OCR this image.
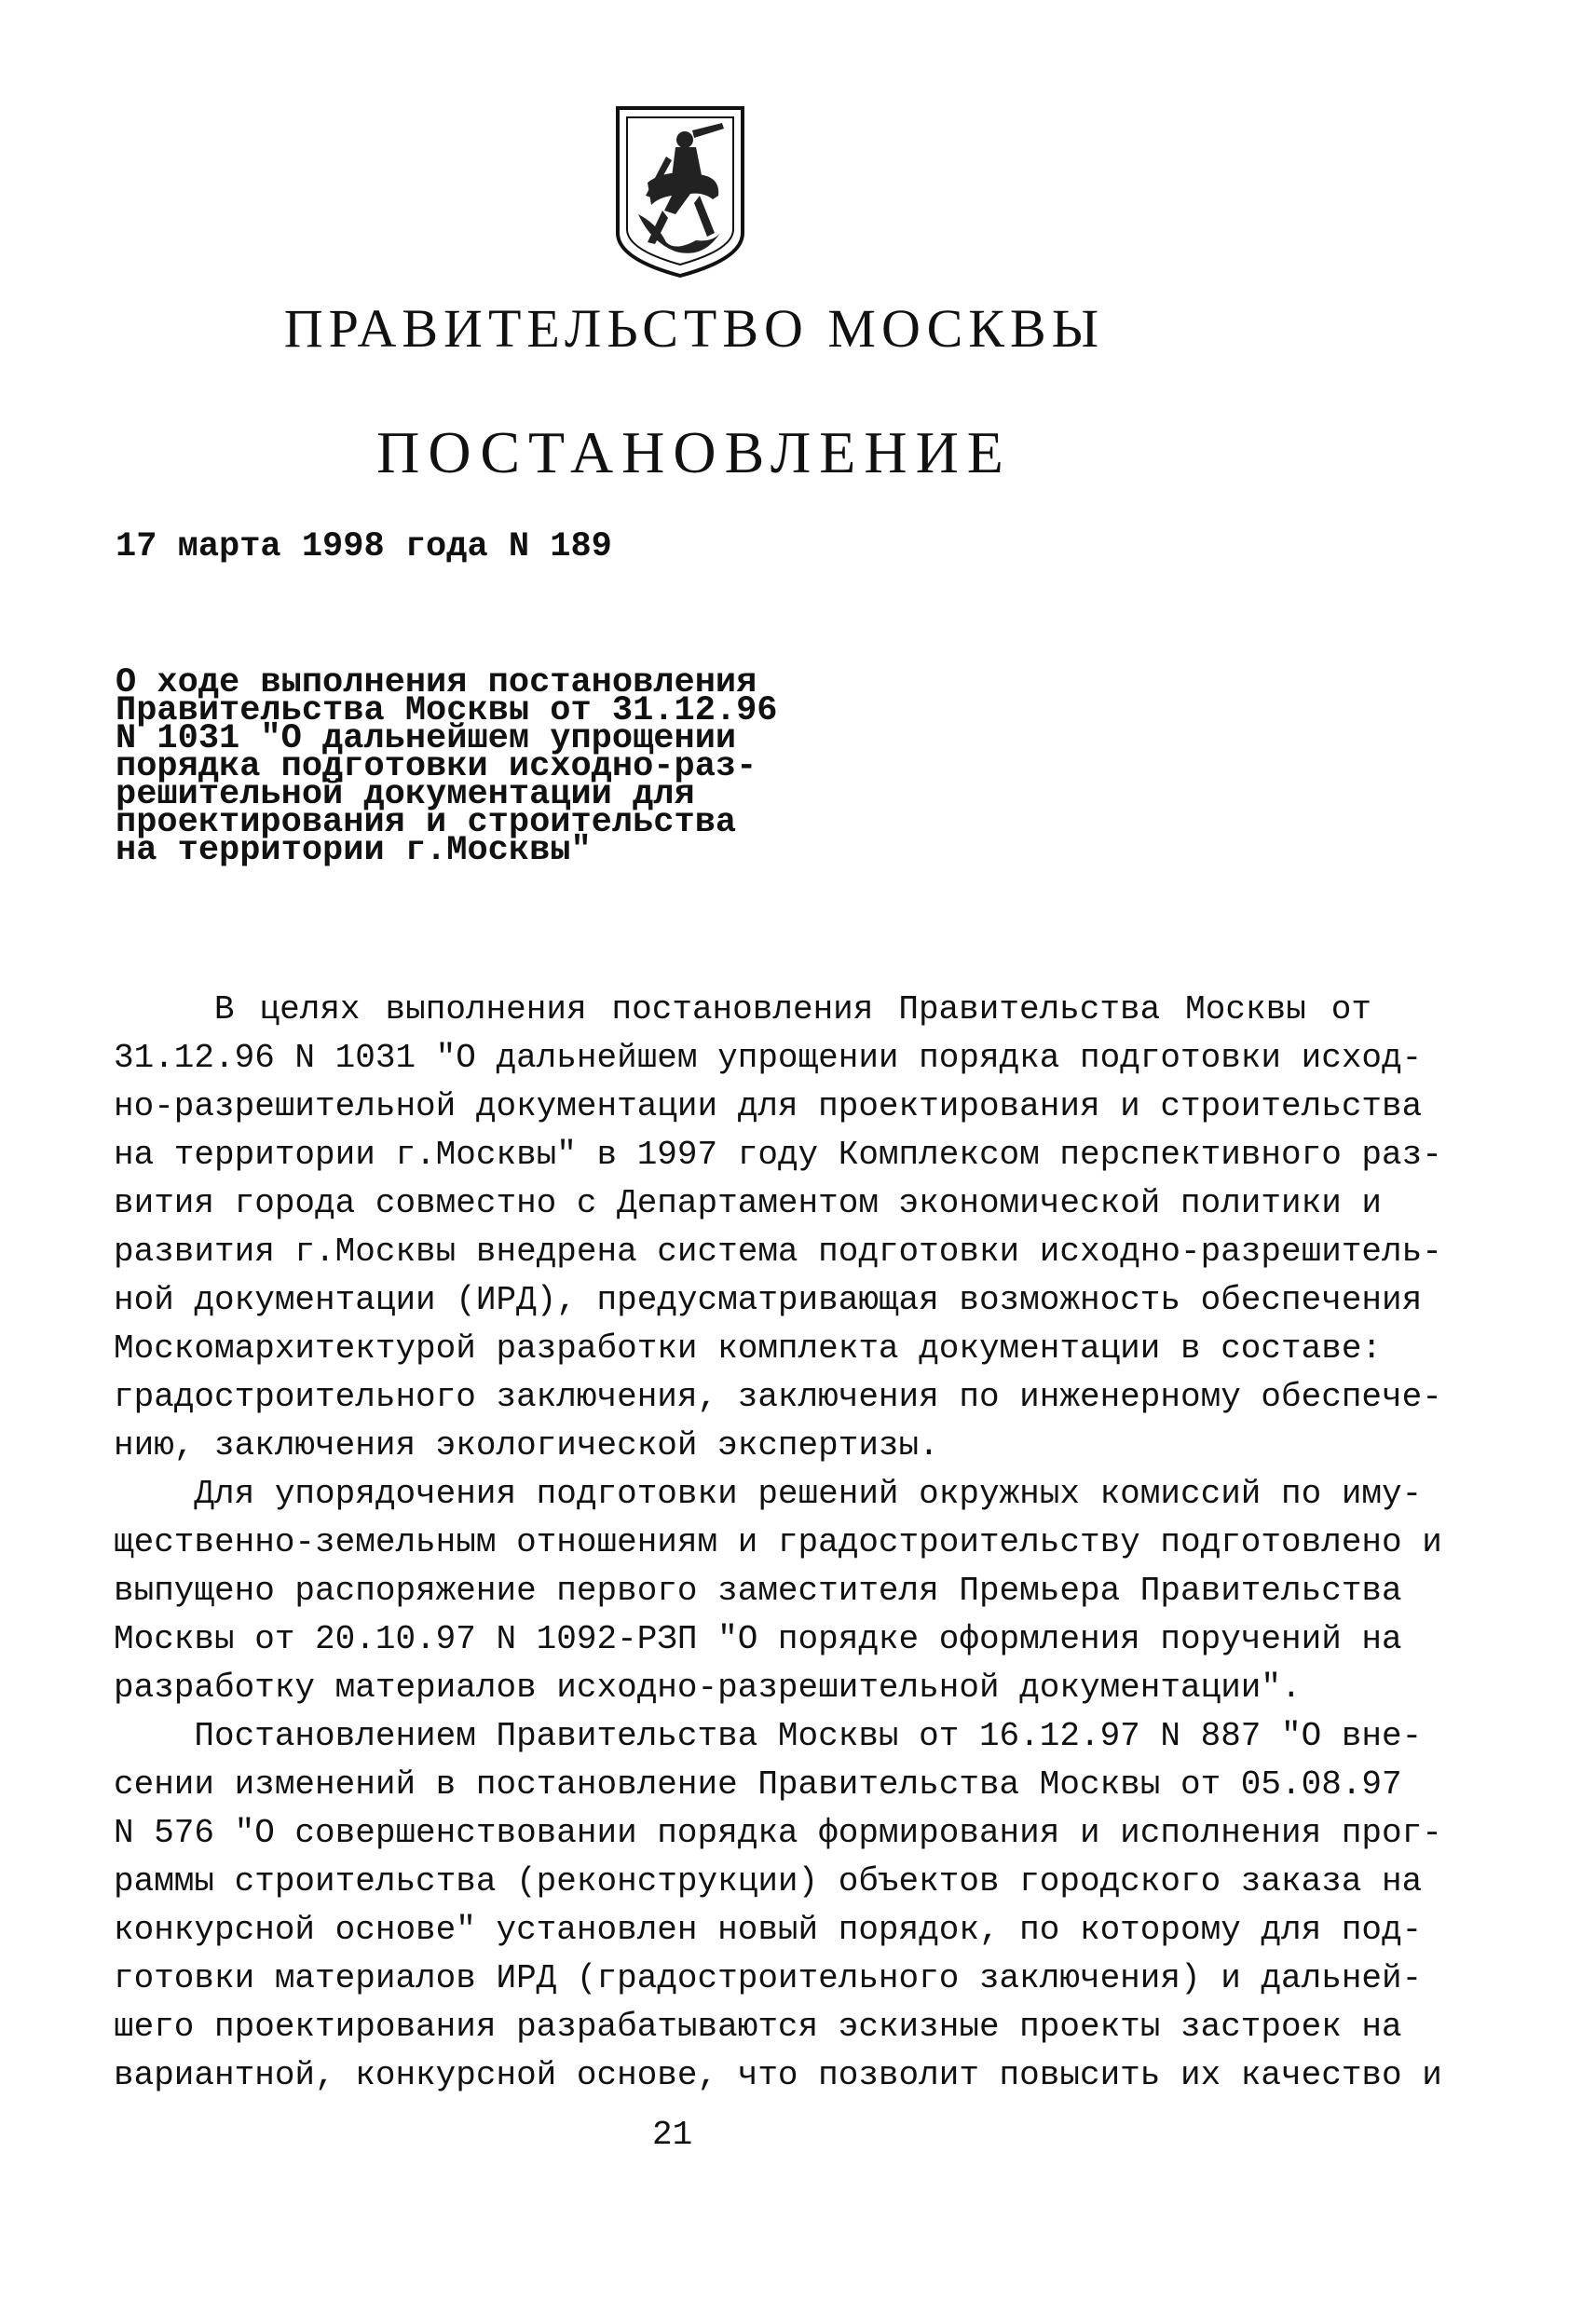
ПРАВИТЕЛЬСТВО МОСКВЫ
ПОСТАНОВЛЕНИЕ
17 марта 1998 года N 189
О ходе выполнения постановления
Правительства Москвы от 31.12.96
N 1031 "О дальнейшем упрощении
порядка подготовки исходно-раз-
решительной документации для
проектирования и строительства
на территории г.Москвы"
В целях выполнения постановления Правительства Москвы от
31.12.96 N 1031 "О дальнейшем упрощении порядка подготовки исход-
но-разрешительной документации для проектирования и строительства
на территории г.Москвы" в 1997 году Комплексом перспективного раз-
вития города совместно с Департаментом экономической политики и
развития г.Москвы внедрена система подготовки исходно-разрешитель-
ной документации (ИРД), предусматривающая возможность обеспечения
Москомархитектурой разработки комплекта документации в составе:
градостроительного заключения, заключения по инженерному обеспече-
нию, заключения экологической экспертизы.
Для упорядочения подготовки решений окружных комиссий по иму-
щественно-земельным отношениям и градостроительству подготовлено и
выпущено распоряжение первого заместителя Премьера Правительства
Москвы от 20.10.97 N 1092-РЗП "О порядке оформления поручений на
разработку материалов исходно-разрешительной документации".
Постановлением Правительства Москвы от 16.12.97 N 887 "О вне-
сении изменений в постановление Правительства Москвы от 05.08.97
N 576 "О совершенствовании порядка формирования и исполнения прог-
раммы строительства (реконструкции) объектов городского заказа на
конкурсной основе" установлен новый порядок, по которому для под-
готовки материалов ИРД (градостроительного заключения) и дальней-
шего проектирования разрабатываются эскизные проекты застроек на
вариантной, конкурсной основе, что позволит повысить их качество и
21
